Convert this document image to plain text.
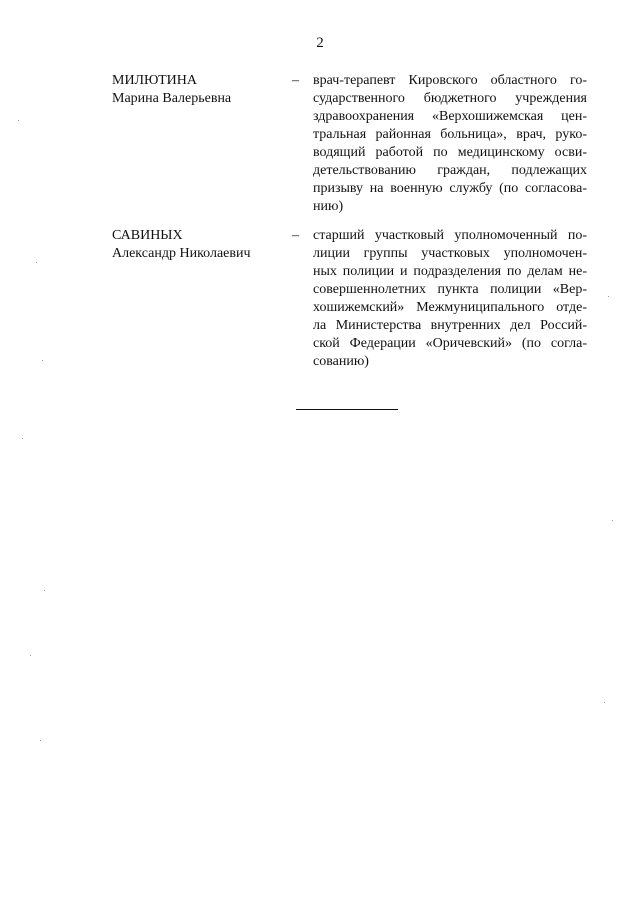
2
МИЛЮТИНА
Марина Валерьевна
– врач-терапевт Кировского областного го-
сударственного бюджетного учреждения
здравоохранения «Верхошижемская цен-
тральная районная больница», врач, руко-
водящий работой по медицинскому осви-
детельствованию граждан, подлежащих
призыву на военную службу (по согласова-
нию)
САВИНЫХ
Александр Николаевич
– старший участковый уполномоченный по-
лиции группы участковых уполномочен-
ных полиции и подразделения по делам не-
совершеннолетних пункта полиции «Вер-
хошижемский» Межмуниципального отде-
ла Министерства внутренних дел Россий-
ской Федерации «Оричевский» (по согла-
сованию)
